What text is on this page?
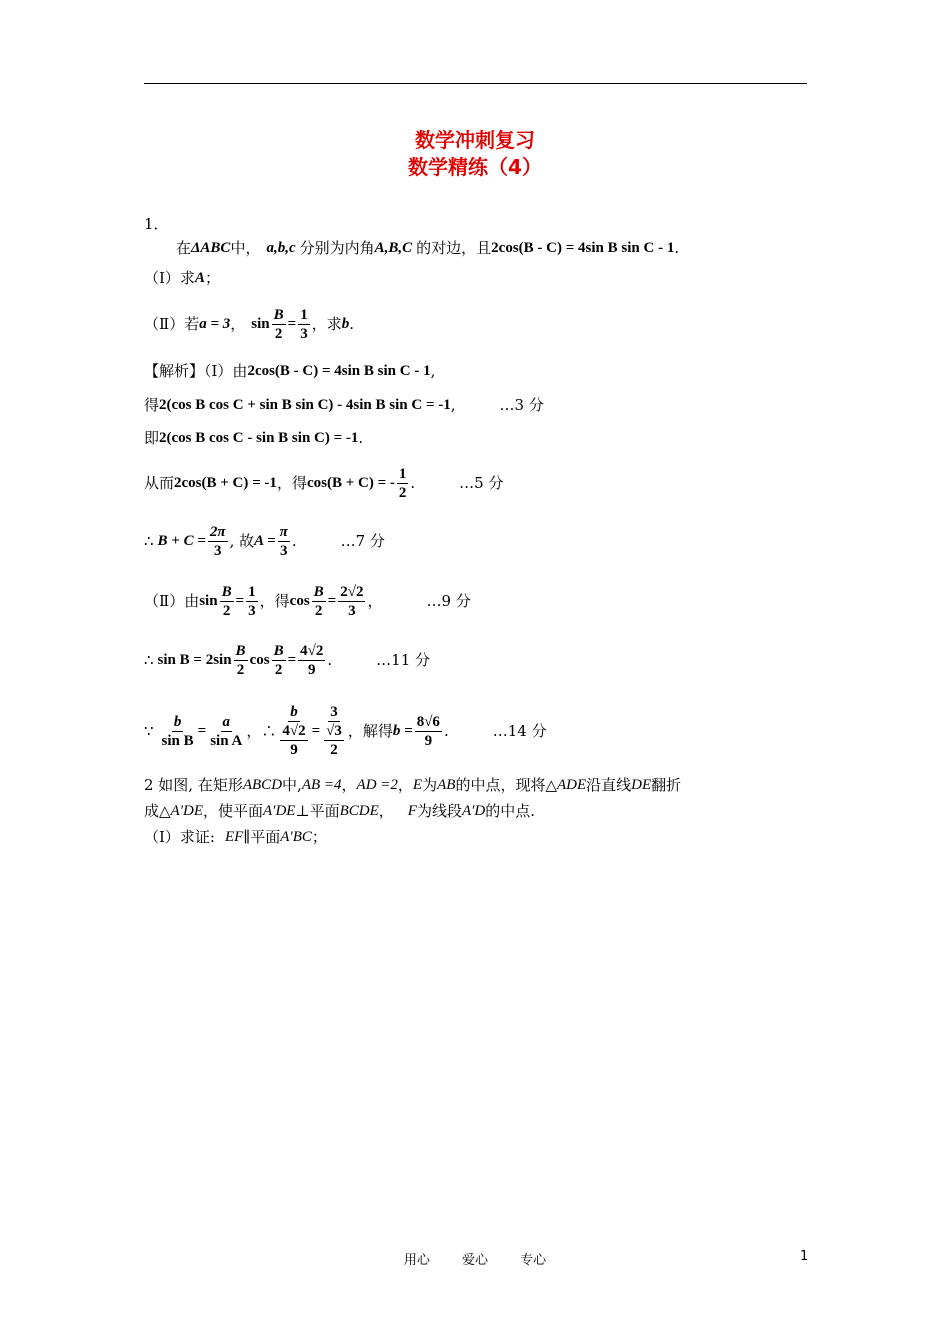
数学冲刺复习
数学精练（4）
1．
在 ΔABC 中， a,b,c 分别为内角 A,B,C 的对边，且 2cos(B - C) = 4sin B sin C - 1 .
（Ⅰ）求 A ；
（Ⅱ）若 a = 3 ， $\sin \frac{B}{2} = \frac{1}{3}$ ，求 b .
【解析】（Ⅰ）由 2cos(B - C) = 4sin B sin C - 1 ,
得 2(cos B cos C + sin B sin C) - 4sin B sin C = -1 ,	…3 分
即 2(cos B cos C - sin B sin C) = -1 .
从而 2cos(B + C) = -1 ，得 cos(B + C) = - $\frac{1}{2}$ .	…5 分
∴ $B + C = \frac{2\pi}{3}$ , 故 $A = \frac{\pi}{3}$ .	…7 分
（Ⅱ）由 $\sin \frac{B}{2} = \frac{1}{3}$ ，得 $\cos \frac{B}{2} = \frac{2√2}{3}$ ，	…9 分
∴ $\sin B = 2\sin \frac{B}{2}$ $\cos \frac{B}{2} = \frac{4√2}{9}$ .	…11 分
∵ $\frac{b}{\text{sin B}} = \frac{a}{\text{sin A}}$ ，∴ $\frac{b}{\frac{4√2}{9}} = \frac{3}{\frac{√3}{2}}$ ，解得 $b = \frac{8√6}{9}$ .	…14 分
2 如图, 在矩形 ABCD 中, AB =4 ， AD =2 ， E 为 AB 的中点，现将△ ADE 沿直线 DE 翻折
成△ A′DE ，使平面 A′DE ⊥平面 BCDE ， F 为线段 A′D 的中点.
（Ⅰ）求证: EF ∥平面 A′BC ；
用心 爱心 专心	1
